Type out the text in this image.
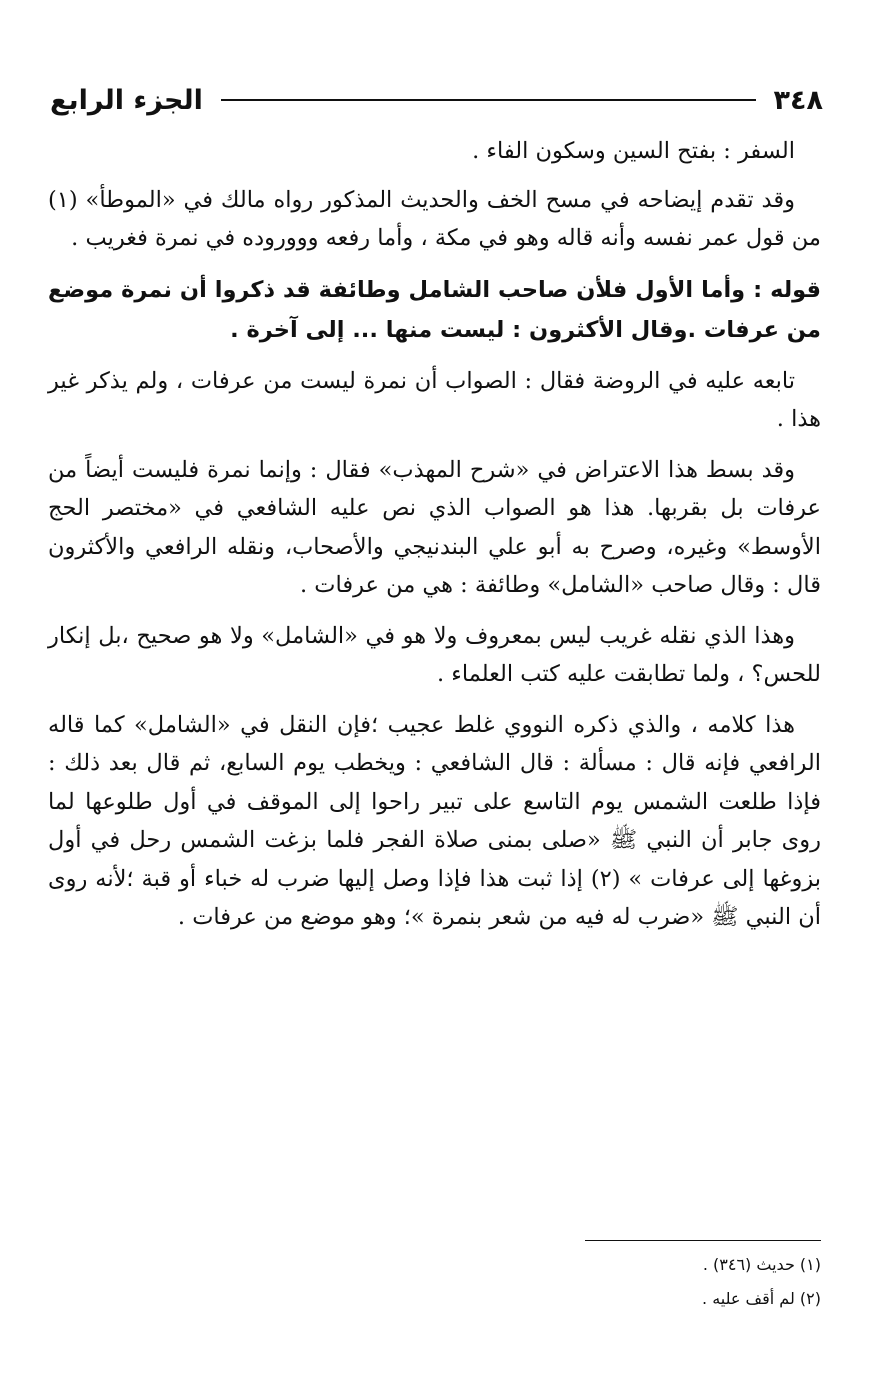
٣٤٨
الجزء الرابع

السفر : بفتح السين وسكون الفاء .

وقد تقدم إيضاحه في مسح الخف والحديث المذكور رواه مالك في «الموطأ» (١) من قول عمر نفسه وأنه قاله وهو في مكة ، وأما رفعه وووروده في نمرة فغريب .

قوله : وأما الأول فلأن صاحب الشامل وطائفة قد ذكروا أن نمرة موضع من عرفات .وقال الأكثرون : ليست منها ... إلى آخرة .

تابعه عليه في الروضة فقال : الصواب أن نمرة ليست من عرفات ، ولم يذكر غير هذا .

وقد بسط هذا الاعتراض في «شرح المهذب» فقال : وإنما نمرة فليست أيضاً من عرفات بل بقربها. هذا هو الصواب الذي نص عليه الشافعي في «مختصر الحج الأوسط» وغيره، وصرح به أبو علي البندنيجي والأصحاب، ونقله الرافعي والأكثرون قال : وقال صاحب «الشامل» وطائفة : هي من عرفات .

وهذا الذي نقله غريب ليس بمعروف ولا هو في «الشامل» ولا هو صحيح ،بل إنكار للحس؟ ، ولما تطابقت عليه كتب العلماء .

هذا كلامه ، والذي ذكره النووي غلط عجيب ؛فإن النقل في «الشامل» كما قاله الرافعي فإنه قال : مسألة : قال الشافعي : ويخطب يوم السابع، ثم قال بعد ذلك : فإذا طلعت الشمس يوم التاسع على تبير راحوا إلى الموقف في أول طلوعها لما روى جابر أن النبي ﷺ «صلى بمنى صلاة الفجر فلما بزغت الشمس رحل في أول بزوغها إلى عرفات » (٢) إذا ثبت هذا فإذا وصل إليها ضرب له خباء أو قبة ؛لأنه روى أن النبي ﷺ «ضرب له فيه من شعر بنمرة »؛ وهو موضع من عرفات .

(١) حديث (٣٤٦) .

(٢) لم أقف عليه .
